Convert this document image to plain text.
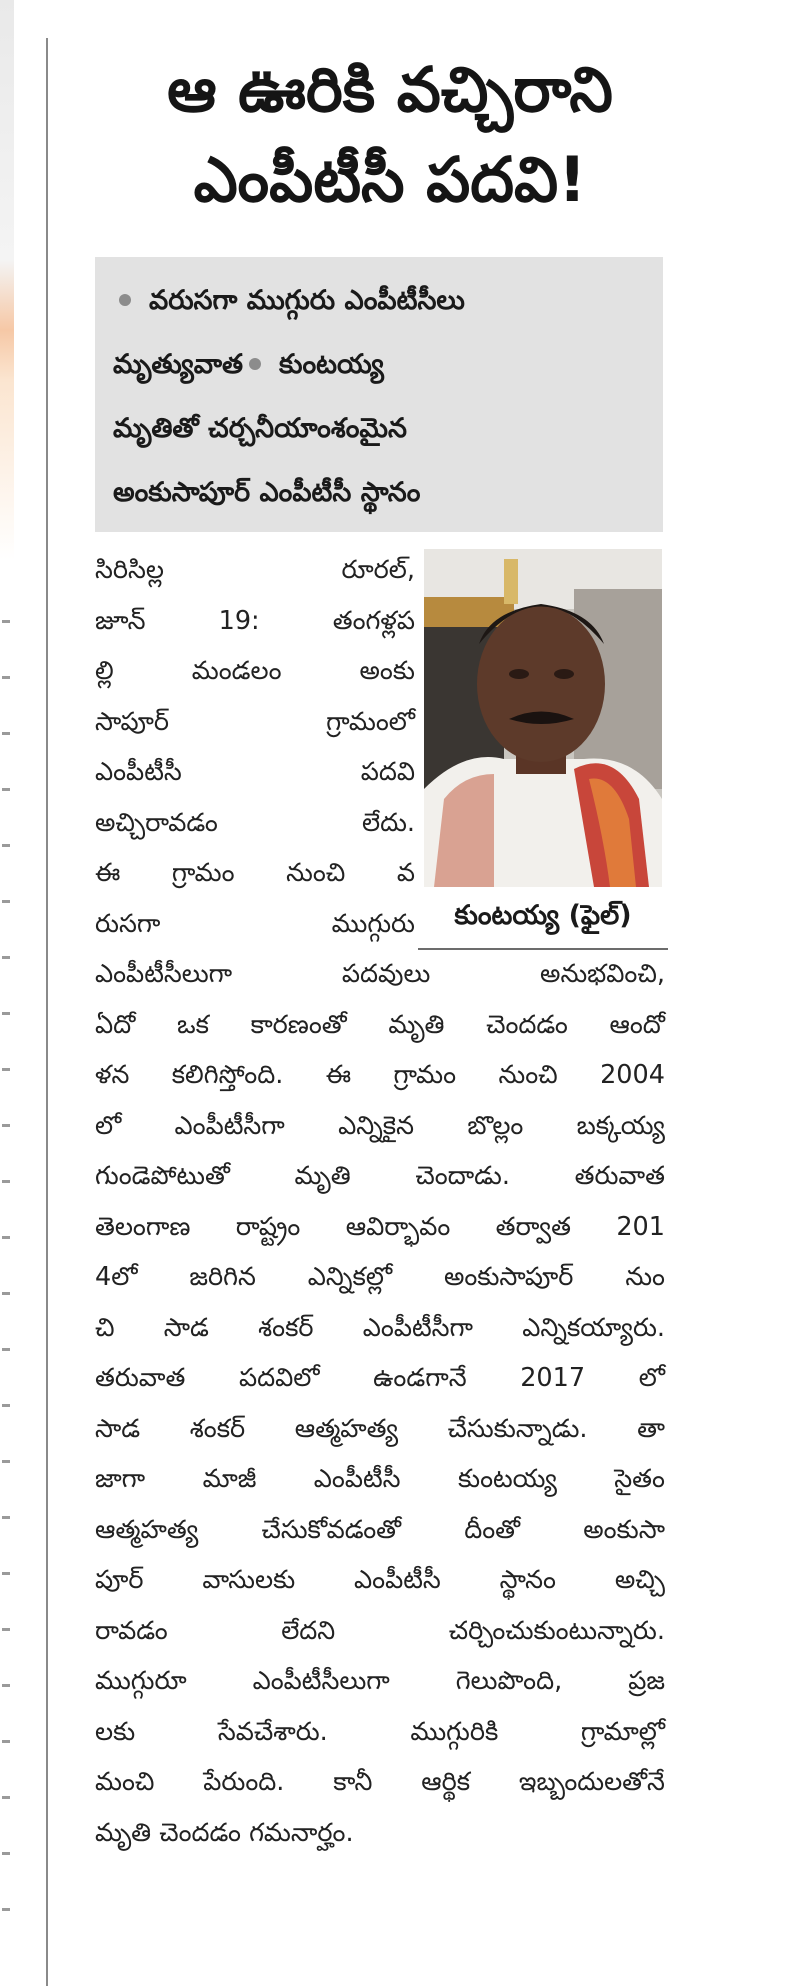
ఆ ఊరికి వచ్చిరాని
ఎంపీటీసీ పదవి!
వరుసగా ముగ్గురు ఎంపీటీసీలు
మృత్యువాత కుంటయ్య
మృతితో చర్చనీయాంశంమైన
అంకుసాపూర్ ఎంపీటీసీ స్థానం

కుంటయ్య (ఫైల్)

సిరిసిల్ల	రూరల్,
జూన్	19:	తంగళ్లప
ల్లి	మండలం	అంకు
సాపూర్	గ్రామంలో
ఎంపీటీసీ	పదవి
అచ్చిరావడం	లేదు.
ఈ గ్రామం నుంచి వ
రుసగా	ముగ్గురు
ఎంపీటీసీలుగా	పదవులు	అనుభవించి,
ఏదో ఒక కారణంతో మృతి చెందడం ఆందో
ళన కలిగిస్తోంది. ఈ గ్రామం నుంచి 2004
లో ఎంపీటీసీగా ఎన్నికైన బొల్లం బక్కయ్య
గుండెపోటుతో	మృతి	చెందాడు.	తరువాత
తెలంగాణ రాష్ట్రం ఆవిర్భావం తర్వాత 201
4లో జరిగిన ఎన్నికల్లో అంకుసాపూర్ నుం
చి సాడ శంకర్ ఎంపీటీసీగా ఎన్నికయ్యారు.
తరువాత పదవిలో ఉండగానే 2017 లో
సాడ శంకర్ ఆత్మహత్య చేసుకున్నాడు. తా
జాగా మాజీ ఎంపీటీసీ కుంటయ్య సైతం
ఆత్మహత్య చేసుకోవడంతో దీంతో అంకుసా
పూర్ వాసులకు ఎంపీటీసీ స్థానం అచ్చి
రావడం	లేదని	చర్చించుకుంటున్నారు.
ముగ్గురూ	ఎంపీటీసీలుగా	గెలుపొంది,	ప్రజ
లకు	సేవచేశారు.	ముగ్గురికి	గ్రామాల్లో
మంచి పేరుంది. కానీ ఆర్థిక ఇబ్బందులతోనే
మృతి చెందడం గమనార్హం.
